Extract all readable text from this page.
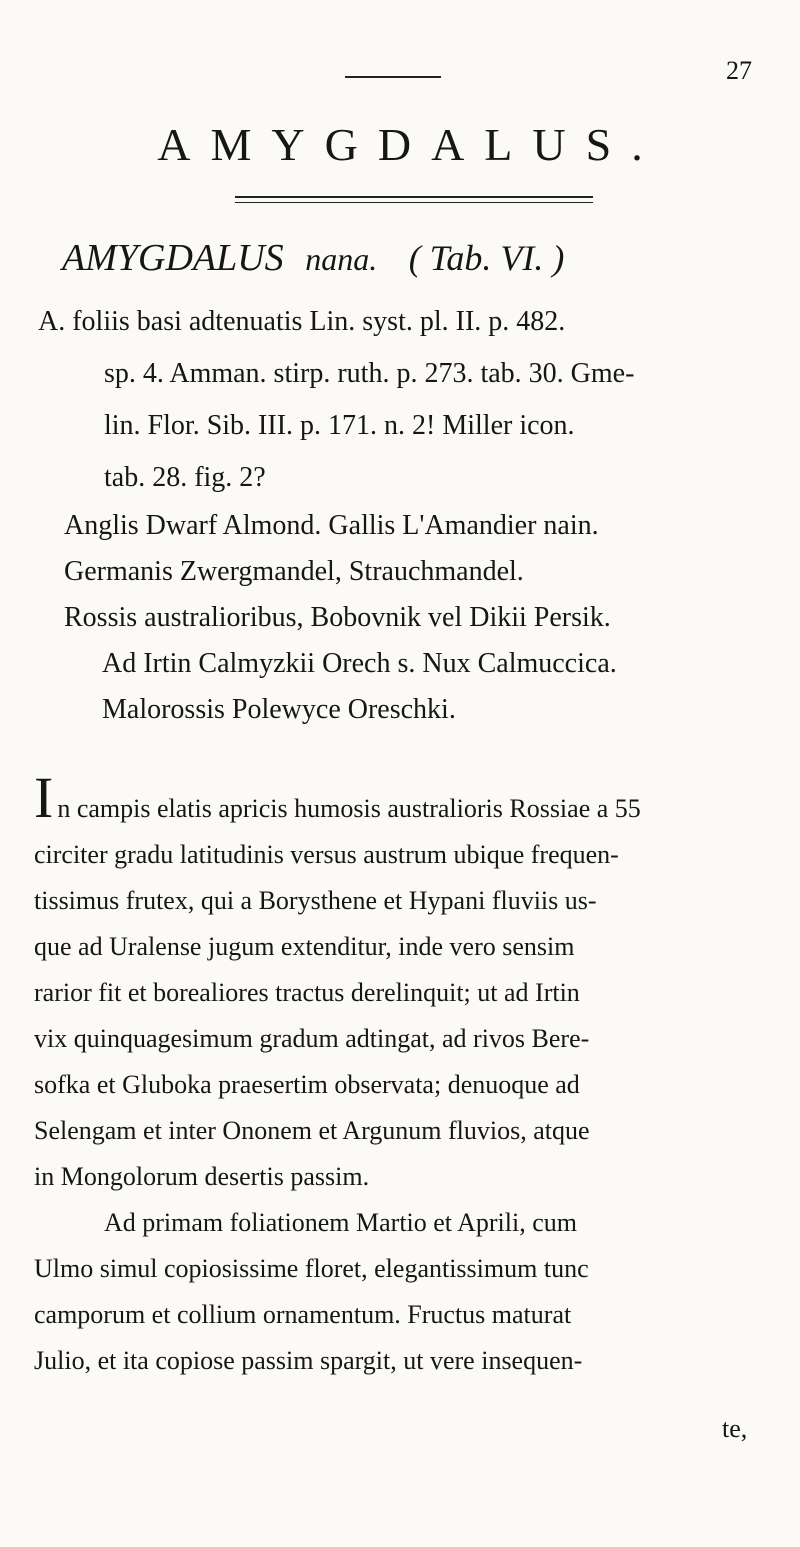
27
AMYGDALUS.
AMYGDALUS nana. ( Tab. VI. )
A. foliis basi adtenuatis Lin. syst. pl. II. p. 482.
sp. 4. Amman. stirp. ruth. p. 273. tab. 30. Gme-
lin. Flor. Sib. III. p. 171. n. 2! Miller icon.
tab. 28. fig. 2?
Anglis Dwarf Almond. Gallis L'Amandier nain.
Germanis Zwergmandel, Strauchmandel.
Rossis australioribus, Bobovnik vel Dikii Persik.
Ad Irtin Calmyzkii Orech s. Nux Calmuccica.
Malorossis Polewyce Oreschki.
In campis elatis apricis humosis australioris Rossiae a 55
circiter gradu latitudinis versus austrum ubique frequen-
tissimus frutex, qui a Borysthene et Hypani fluviis us-
que ad Uralense jugum extenditur, inde vero sensim
rarior fit et borealiores tractus derelinquit; ut ad Irtin
vix quinquagesimum gradum adtingat, ad rivos Bere-
sofka et Gluboka praesertim observata; denuoque ad
Selengam et inter Ononem et Argunum fluvios, atque
in Mongolorum desertis passim.
Ad primam foliationem Martio et Aprili, cum
Ulmo simul copiosissime floret, elegantissimum tunc
camporum et collium ornamentum. Fructus maturat
Julio, et ita copiose passim spargit, ut vere insequen-
te,
